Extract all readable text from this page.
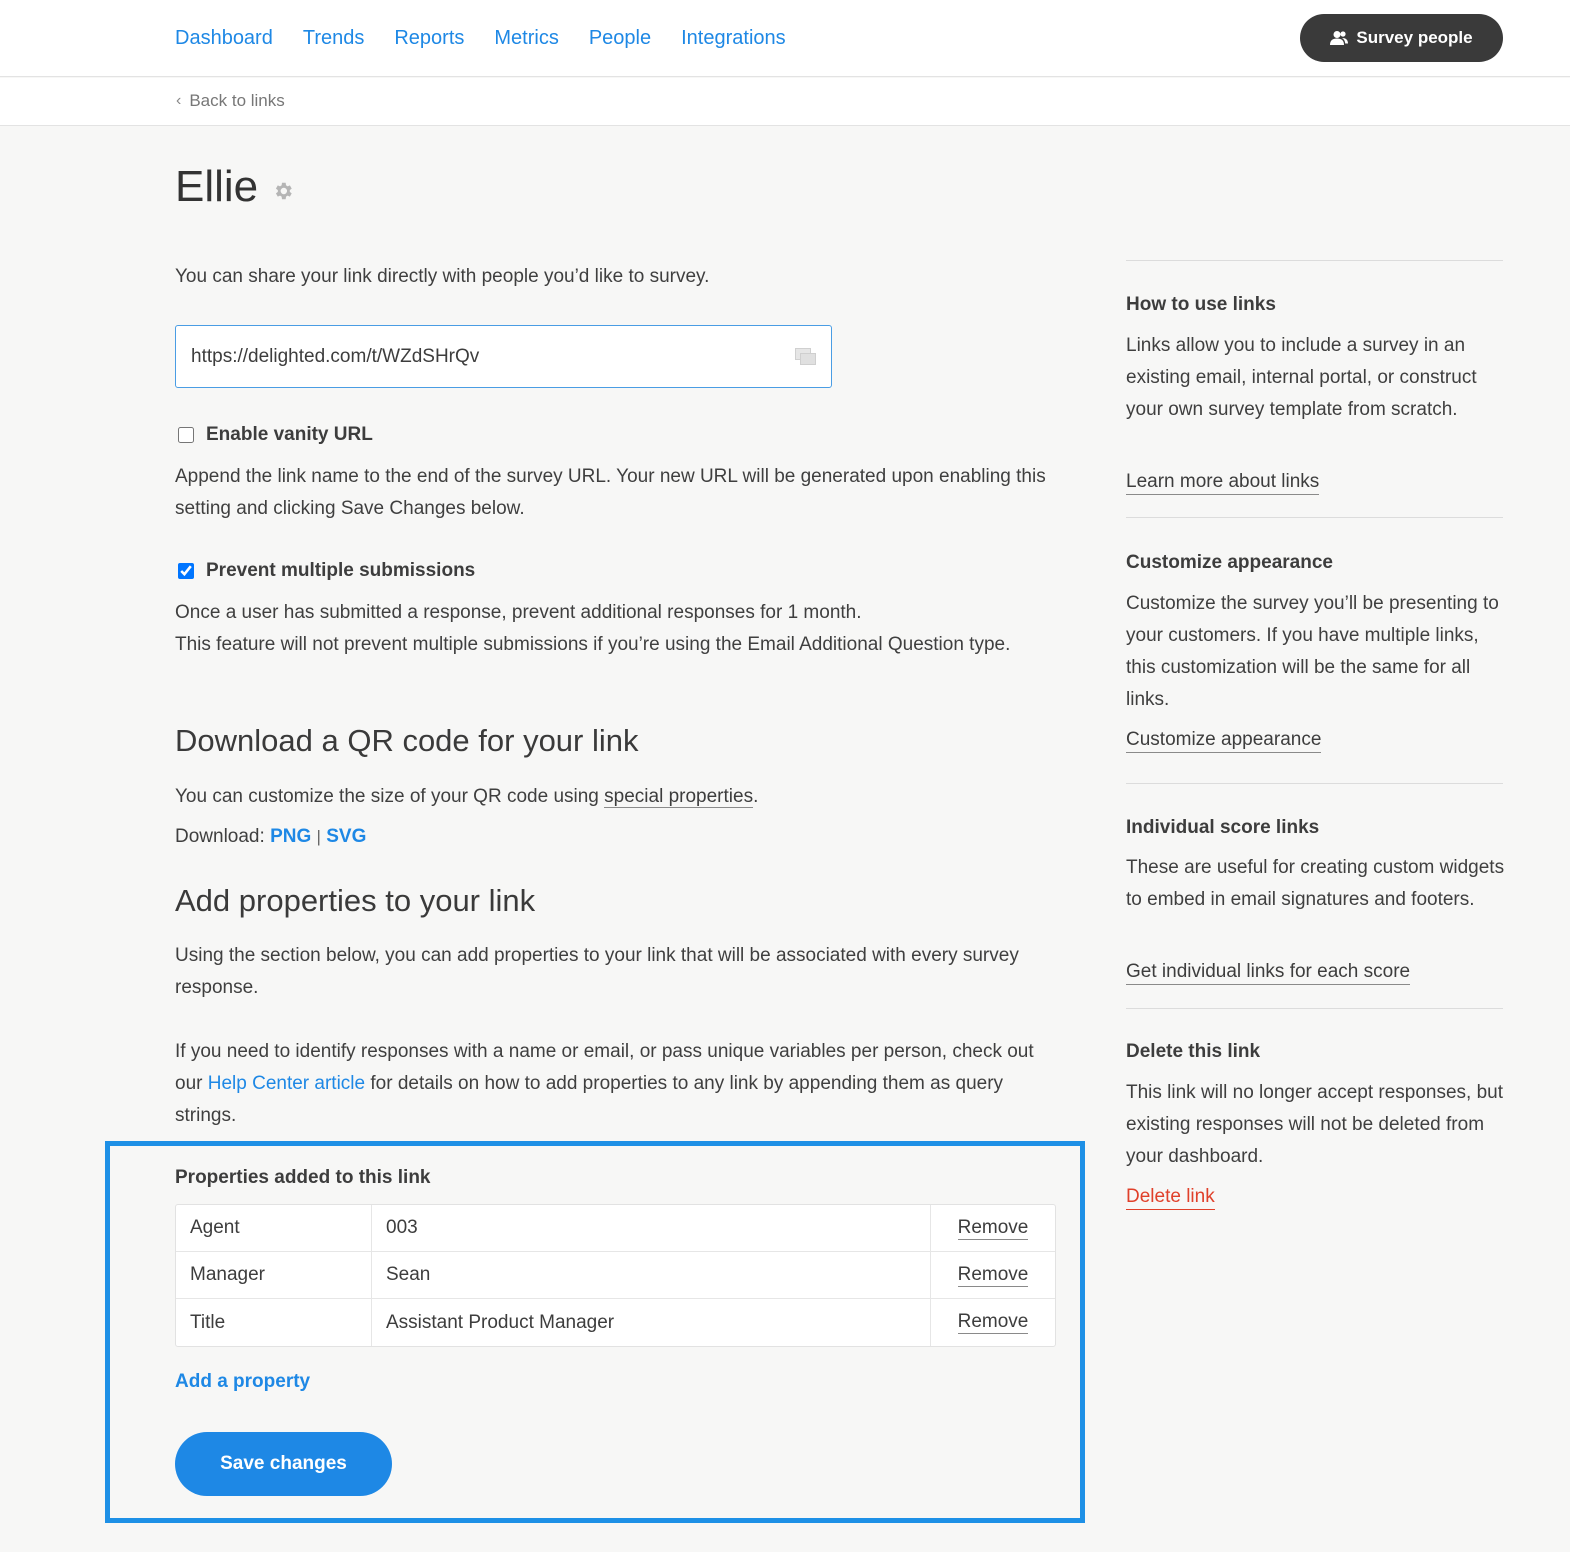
Dashboard Trends Reports Metrics People Integrations	Survey people
‹ Back to links
Ellie

You can share your link directly with people you’d like to survey.

https://delighted.com/t/WZdSHrQv
Enable vanity URL

Append the link name to the end of the survey URL. Your new URL will be generated upon enabling this setting and clicking Save Changes below.

Prevent multiple submissions

Once a user has submitted a response, prevent additional responses for 1 month.

This feature will not prevent multiple submissions if you’re using the Email Additional Question type.

Download a QR code for your link

You can customize the size of your QR code using special properties.

Download: PNG | SVG

Add properties to your link

Using the section below, you can add properties to your link that will be associated with every survey response.

If you need to identify responses with a name or email, or pass unique variables per person, check out our Help Center article for details on how to add properties to any link by appending them as query strings.

Properties added to this link
Agent	003	Remove
Manager	Sean	Remove
Title	Assistant Product Manager	Remove
Add a property
Save changes
How to use links

Links allow you to include a survey in an existing email, internal portal, or construct your own survey template from scratch.

Learn more about links
Customize appearance

Customize the survey you’ll be presenting to your customers. If you have multiple links, this customization will be the same for all links.

Customize appearance
Individual score links

These are useful for creating custom widgets to embed in email signatures and footers.

Get individual links for each score
Delete this link

This link will no longer accept responses, but existing responses will not be deleted from your dashboard.

Delete link
